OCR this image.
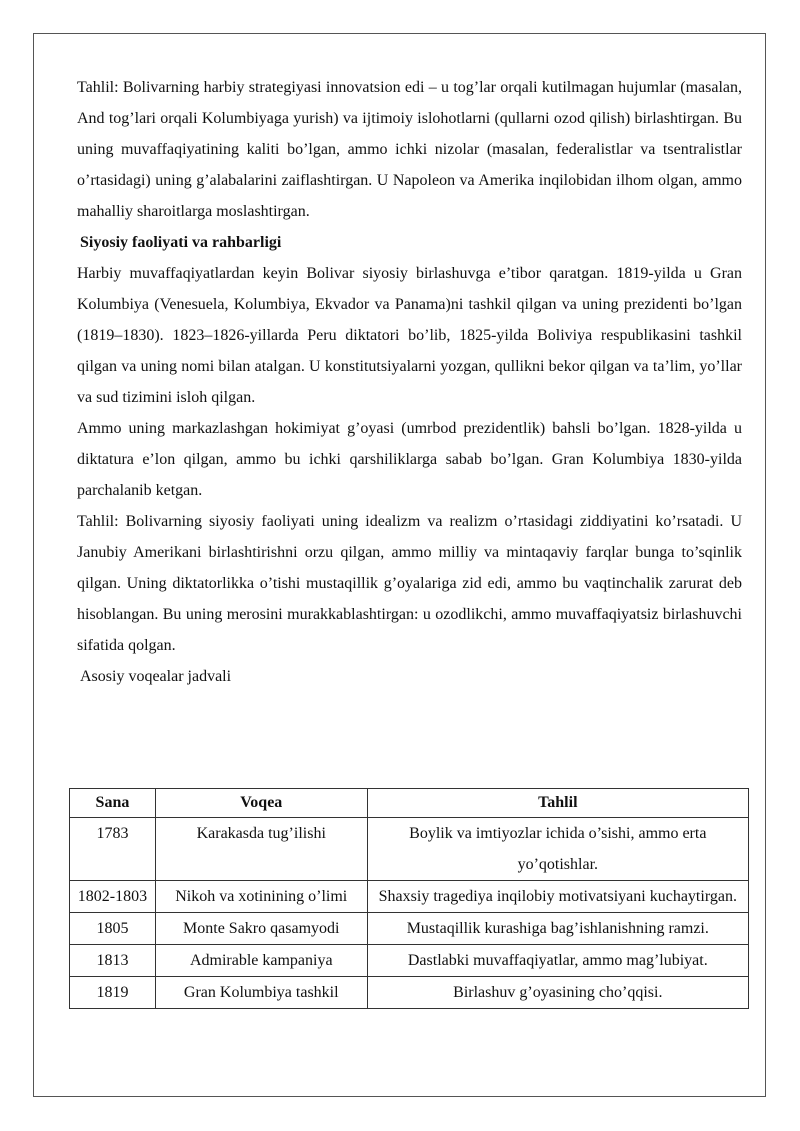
Tahlil: Bolivarning harbiy strategiyasi innovatsion edi – u tog’lar orqali kutilmagan hujumlar (masalan, And tog’lari orqali Kolumbiyaga yurish) va ijtimoiy islohotlarni (qullarni ozod qilish) birlashtirgan. Bu uning muvaffaqiyatining kaliti bo’lgan, ammo ichki nizolar (masalan, federalistlar va tsentralistlar o’rtasidagi) uning g’alabalarini zaiflashtirgan. U Napoleon va Amerika inqilobidan ilhom olgan, ammo mahalliy sharoitlarga moslashtirgan.

Siyosiy faoliyati va rahbarligi

Harbiy muvaffaqiyatlardan keyin Bolivar siyosiy birlashuvga e’tibor qaratgan. 1819-yilda u Gran Kolumbiya (Venesuela, Kolumbiya, Ekvador va Panama)ni tashkil qilgan va uning prezidenti bo’lgan (1819–1830). 1823–1826-yillarda Peru diktatori bo’lib, 1825-yilda Boliviya respublikasini tashkil qilgan va uning nomi bilan atalgan. U konstitutsiyalarni yozgan, qullikni bekor qilgan va ta’lim, yo’llar va sud tizimini isloh qilgan.

Ammo uning markazlashgan hokimiyat g’oyasi (umrbod prezidentlik) bahsli bo’lgan. 1828-yilda u diktatura e’lon qilgan, ammo bu ichki qarshiliklarga sabab bo’lgan. Gran Kolumbiya 1830-yilda parchalanib ketgan.

Tahlil: Bolivarning siyosiy faoliyati uning idealizm va realizm o’rtasidagi ziddiyatini ko’rsatadi. U Janubiy Amerikani birlashtirishni orzu qilgan, ammo milliy va mintaqaviy farqlar bunga to’sqinlik qilgan. Uning diktatorlikka o’tishi mustaqillik g’oyalariga zid edi, ammo bu vaqtinchalik zarurat deb hisoblangan. Bu uning merosini murakkablashtirgan: u ozodlikchi, ammo muvaffaqiyatsiz birlashuvchi sifatida qolgan.

Asosiy voqealar jadvali
Sana	Voqea	Tahlil
1783	Karakasda tug’ilishi	Boylik va imtiyozlar ichida o’sishi, ammo erta yo’qotishlar.
1802-1803	Nikoh va xotinining o’limi	Shaxsiy tragediya inqilobiy motivatsiyani kuchaytirgan.
1805	Monte Sakro qasamyodi	Mustaqillik kurashiga bag’ishlanishning ramzi.
1813	Admirable kampaniya	Dastlabki muvaffaqiyatlar, ammo mag’lubiyat.
1819	Gran Kolumbiya tashkil	Birlashuv g’oyasining cho’qqisi.
